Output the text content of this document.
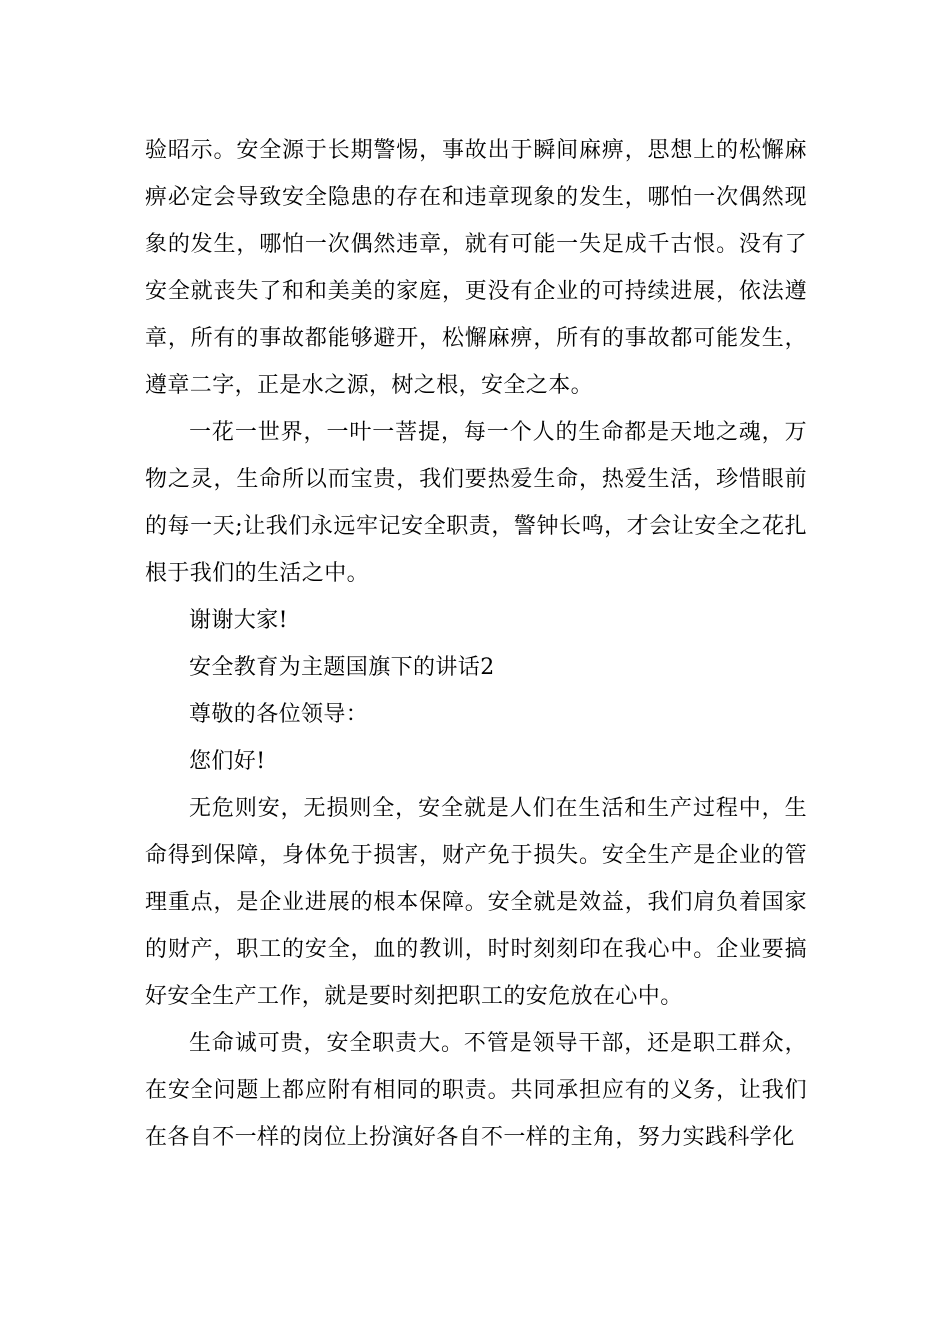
验昭示。安全源于长期警惕，事故出于瞬间麻痹，思想上的松懈麻痹必定会导致安全隐患的存在和违章现象的发生，哪怕一次偶然现象的发生，哪怕一次偶然违章，就有可能一失足成千古恨。没有了安全就丧失了和和美美的家庭，更没有企业的可持续进展，依法遵章，所有的事故都能够避开，松懈麻痹，所有的事故都可能发生，遵章二字，正是水之源，树之根，安全之本。

一花一世界，一叶一菩提，每一个人的生命都是天地之魂，万物之灵，生命所以而宝贵，我们要热爱生命，热爱生活，珍惜眼前的每一天;让我们永远牢记安全职责，警钟长鸣，才会让安全之花扎根于我们的生活之中。

谢谢大家!

安全教育为主题国旗下的讲话2

尊敬的各位领导：

您们好!

无危则安，无损则全，安全就是人们在生活和生产过程中，生命得到保障，身体免于损害，财产免于损失。安全生产是企业的管理重点，是企业进展的根本保障。安全就是效益，我们肩负着国家的财产，职工的安全，血的教训，时时刻刻印在我心中。企业要搞好安全生产工作，就是要时刻把职工的安危放在心中。

生命诚可贵，安全职责大。不管是领导干部，还是职工群众，在安全问题上都应附有相同的职责。共同承担应有的义务，让我们在各自不一样的岗位上扮演好各自不一样的主角，努力实践科学化
